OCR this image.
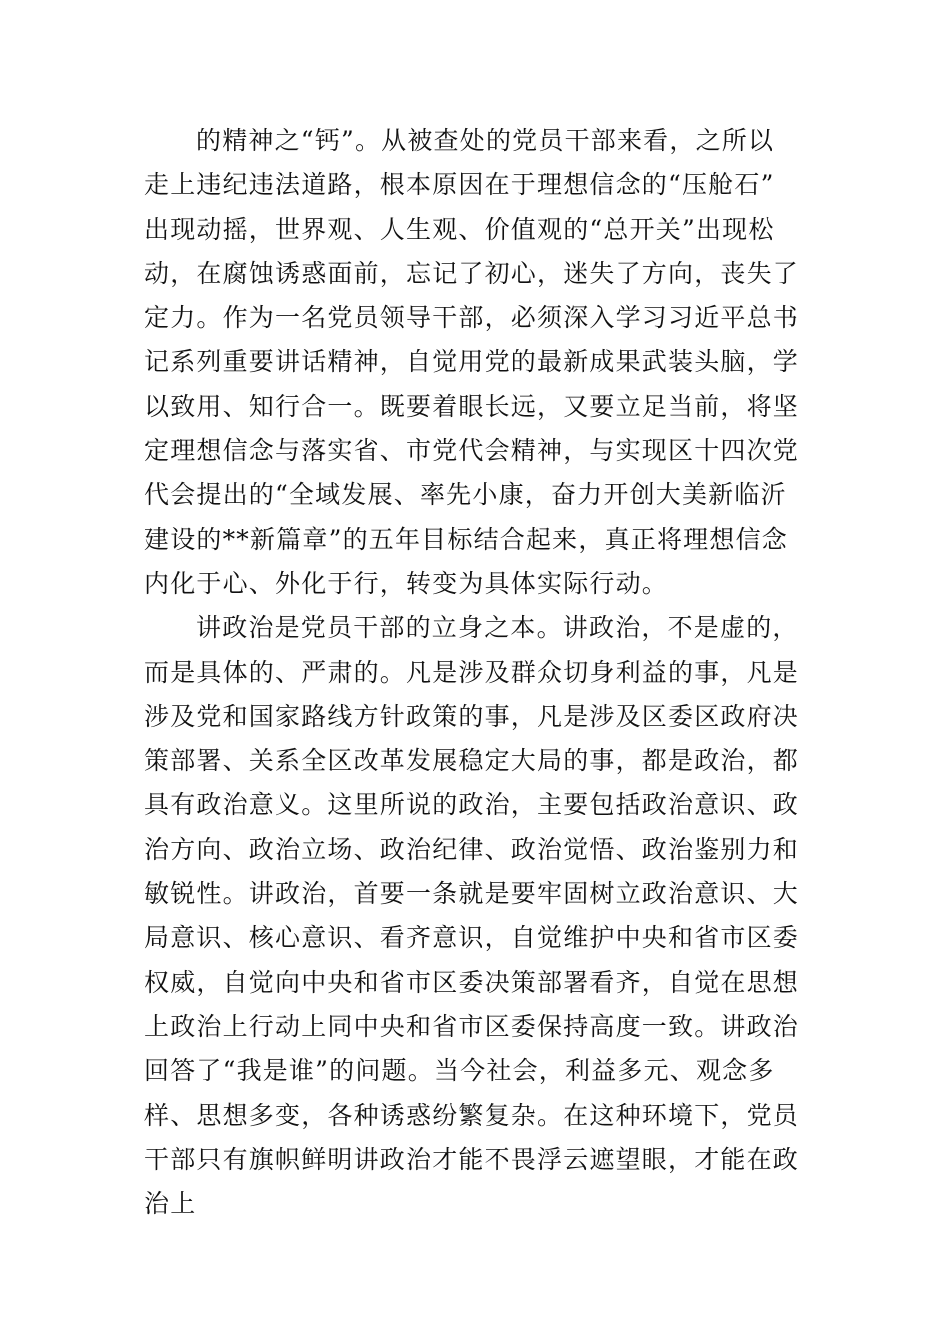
的精神之“钙”。从被查处的党员干部来看，之所以
走上违纪违法道路，根本原因在于理想信念的“压舱石”
出现动摇，世界观、人生观、价值观的“总开关”出现松
动，在腐蚀诱惑面前，忘记了初心，迷失了方向，丧失了
定力。作为一名党员领导干部，必须深入学习习近平总书
记系列重要讲话精神，自觉用党的最新成果武装头脑，学
以致用、知行合一。既要着眼长远，又要立足当前，将坚
定理想信念与落实省、市党代会精神，与实现区十四次党
代会提出的“全域发展、率先小康，奋力开创大美新临沂
建设的**新篇章”的五年目标结合起来，真正将理想信念
内化于心、外化于行，转变为具体实际行动。
讲政治是党员干部的立身之本。讲政治，不是虚的，
而是具体的、严肃的。凡是涉及群众切身利益的事，凡是
涉及党和国家路线方针政策的事，凡是涉及区委区政府决
策部署、关系全区改革发展稳定大局的事，都是政治，都
具有政治意义。这里所说的政治，主要包括政治意识、政
治方向、政治立场、政治纪律、政治觉悟、政治鉴别力和
敏锐性。讲政治，首要一条就是要牢固树立政治意识、大
局意识、核心意识、看齐意识，自觉维护中央和省市区委
权威，自觉向中央和省市区委决策部署看齐，自觉在思想
上政治上行动上同中央和省市区委保持高度一致。讲政治
回答了“我是谁”的问题。当今社会，利益多元、观念多
样、思想多变，各种诱惑纷繁复杂。在这种环境下，党员
干部只有旗帜鲜明讲政治才能不畏浮云遮望眼，才能在政
治上
